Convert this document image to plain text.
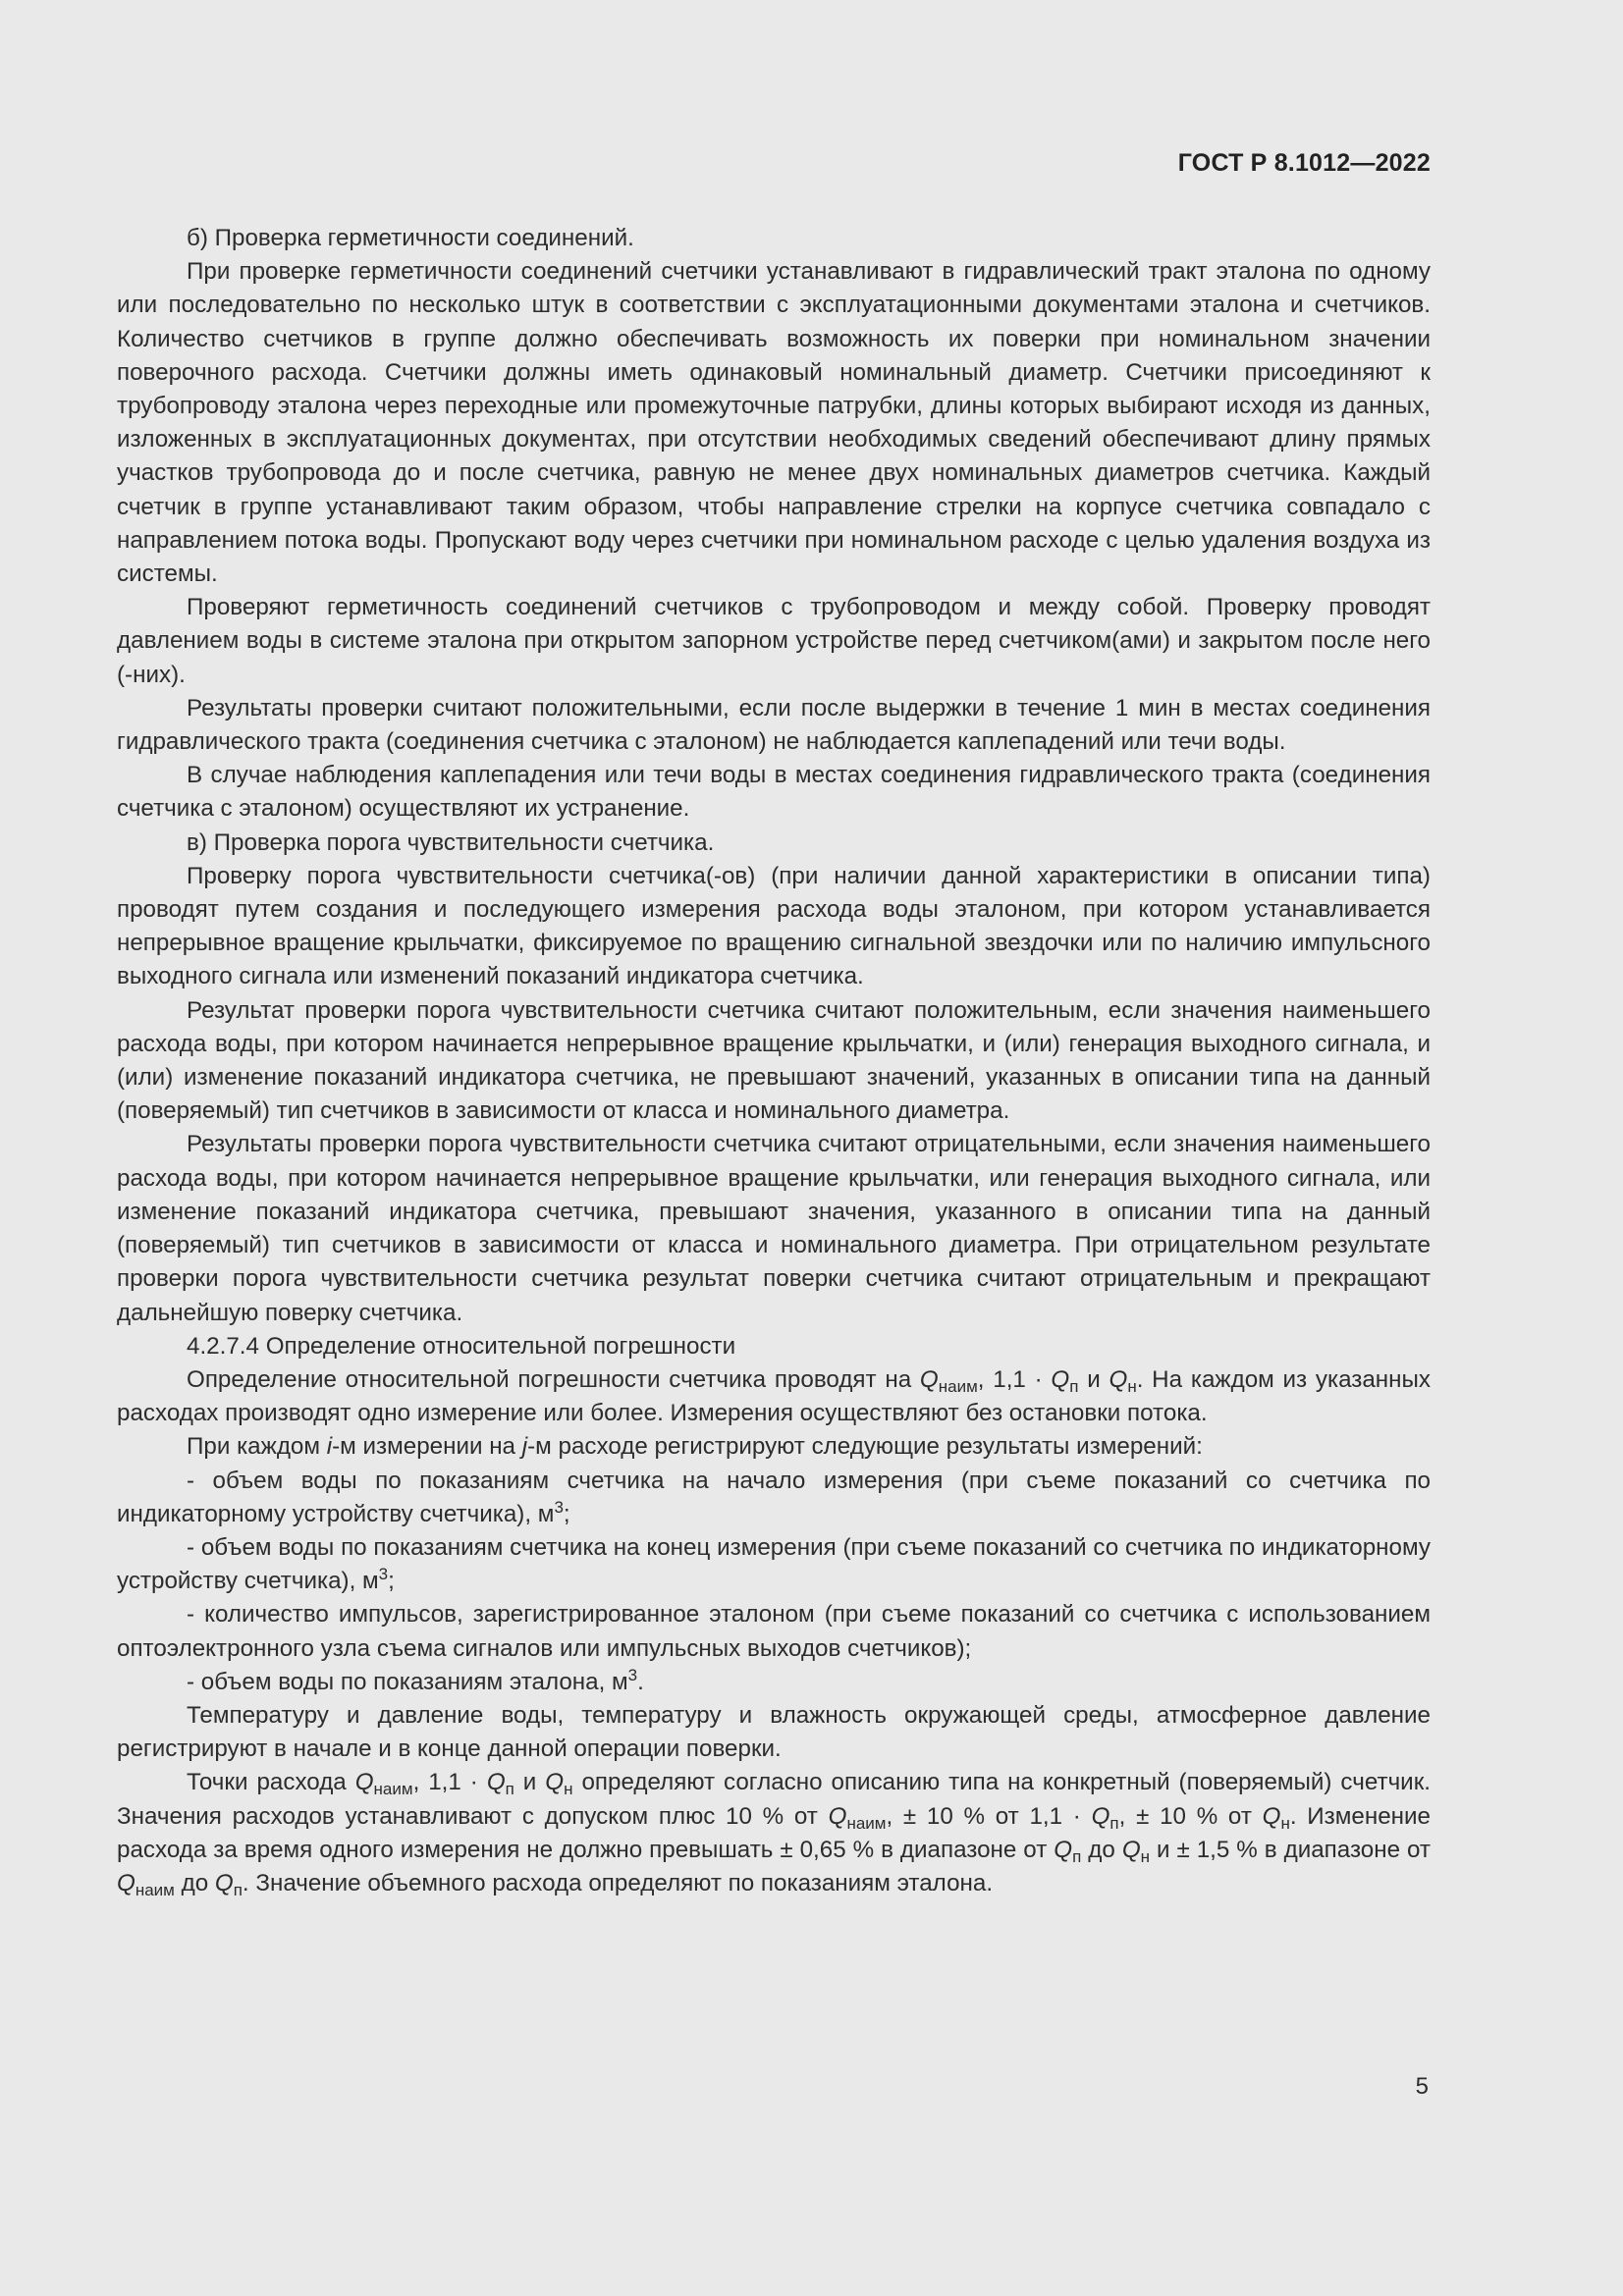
ГОСТ Р 8.1012—2022

б) Проверка герметичности соединений.

При проверке герметичности соединений счетчики устанавливают в гидравлический тракт эталона по одному или последовательно по несколько штук в соответствии с эксплуатационными документами эталона и счетчиков. Количество счетчиков в группе должно обеспечивать возможность их поверки при номинальном значении поверочного расхода. Счетчики должны иметь одинаковый номинальный диаметр. Счетчики присоединяют к трубопроводу эталона через переходные или промежуточные патрубки, длины которых выбирают исходя из данных, изложенных в эксплуатационных документах, при отсутствии необходимых сведений обеспечивают длину прямых участков трубопровода до и после счетчика, равную не менее двух номинальных диаметров счетчика. Каждый счетчик в группе устанавливают таким образом, чтобы направление стрелки на корпусе счетчика совпадало с направлением потока воды. Пропускают воду через счетчики при номинальном расходе с целью удаления воздуха из системы.

Проверяют герметичность соединений счетчиков с трубопроводом и между собой. Проверку проводят давлением воды в системе эталона при открытом запорном устройстве перед счетчиком(ами) и закрытом после него (-них).

Результаты проверки считают положительными, если после выдержки в течение 1 мин в местах соединения гидравлического тракта (соединения счетчика с эталоном) не наблюдается каплепадений или течи воды.

В случае наблюдения каплепадения или течи воды в местах соединения гидравлического тракта (соединения счетчика с эталоном) осуществляют их устранение.

в) Проверка порога чувствительности счетчика.

Проверку порога чувствительности счетчика(-ов) (при наличии данной характеристики в описании типа) проводят путем создания и последующего измерения расхода воды эталоном, при котором устанавливается непрерывное вращение крыльчатки, фиксируемое по вращению сигнальной звездочки или по наличию импульсного выходного сигнала или изменений показаний индикатора счетчика.

Результат проверки порога чувствительности счетчика считают положительным, если значения наименьшего расхода воды, при котором начинается непрерывное вращение крыльчатки, и (или) генерация выходного сигнала, и (или) изменение показаний индикатора счетчика, не превышают значений, указанных в описании типа на данный (поверяемый) тип счетчиков в зависимости от класса и номинального диаметра.

Результаты проверки порога чувствительности счетчика считают отрицательными, если значения наименьшего расхода воды, при котором начинается непрерывное вращение крыльчатки, или генерация выходного сигнала, или изменение показаний индикатора счетчика, превышают значения, указанного в описании типа на данный (поверяемый) тип счетчиков в зависимости от класса и номинального диаметра. При отрицательном результате проверки порога чувствительности счетчика результат поверки счетчика считают отрицательным и прекращают дальнейшую поверку счетчика.

4.2.7.4 Определение относительной погрешности

Определение относительной погрешности счетчика проводят на $Q_{наим}$, $1,1 \cdot Q_п$ и $Q_н$. На каждом из указанных расходах производят одно измерение или более. Измерения осуществляют без остановки потока.

При каждом i-м измерении на j-м расходе регистрируют следующие результаты измерений:

- объем воды по показаниям счетчика на начало измерения (при съеме показаний со счетчика по индикаторному устройству счетчика), $м^3$;

- объем воды по показаниям счетчика на конец измерения (при съеме показаний со счетчика по индикаторному устройству счетчика), $м^3$;

- количество импульсов, зарегистрированное эталоном (при съеме показаний со счетчика с использованием оптоэлектронного узла съема сигналов или импульсных выходов счетчиков);

- объем воды по показаниям эталона, $м^3$.

Температуру и давление воды, температуру и влажность окружающей среды, атмосферное давление регистрируют в начале и в конце данной операции поверки.

Точки расхода $Q_{наим}$, $1,1 \cdot Q_п$ и $Q_н$ определяют согласно описанию типа на конкретный (поверяемый) счетчик. Значения расходов устанавливают с допуском плюс 10 % от $Q_{наим}$, ± 10 % от $1,1 \cdot Q_п$, ± 10 % от $Q_н$. Изменение расхода за время одного измерения не должно превышать ± 0,65 % в диапазоне от $Q_п$ до $Q_н$ и ± 1,5 % в диапазоне от $Q_{наим}$ до $Q_п$. Значение объемного расхода определяют по показаниям эталона.

5
